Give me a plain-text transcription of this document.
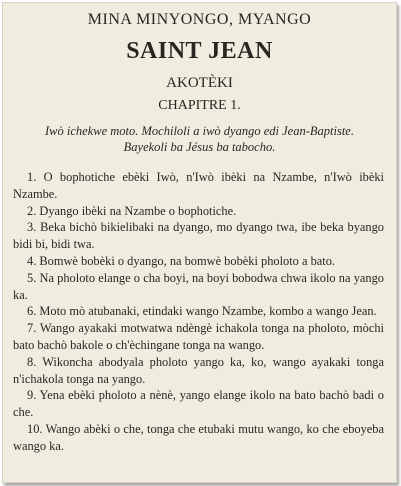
MINA MINYONGO, MYANGO
SAINT JEAN
AKOTÈKI
CHAPITRE 1.
Iwò ichekwe moto. Mochiloli a iwò dyango edi Jean-Baptiste.
Bayekoli ba Jésus ba tabocho.

1. O bophotiche ebèki Iwò, n'Iwò ibèki na Nzambe, n'Iwò ibèki Nzambe.

2. Dyango ibèki na Nzambe o bophotiche.

3. Beka bichò bikielibaki na dyango, mo dyango twa, ibe beka byango bidi bi, bidi twa.

4. Bomwè bobèki o dyango, na bomwè bobèki pholoto a bato.

5. Na pholoto elange o cha boyi, na boyi bobodwa chwa ikolo na yango ka.

6. Moto mò atubanaki, etindaki wango Nzambe, kombo a wango Jean.

7. Wango ayakaki motwatwa ndèngè ichakola tonga na pholoto, mòchi bato bachò bakole o ch'èchingane tonga na wango.

8. Wikoncha abodyala pholoto yango ka, ko, wango ayakaki tonga n'ichakola tonga na yango.

9. Yena ebèki pholoto a nènè, yango elange ikolo na bato bachò badi o che.

10. Wango abèki o che, tonga che etubaki mutu wango, ko che eboyeba wango ka.
